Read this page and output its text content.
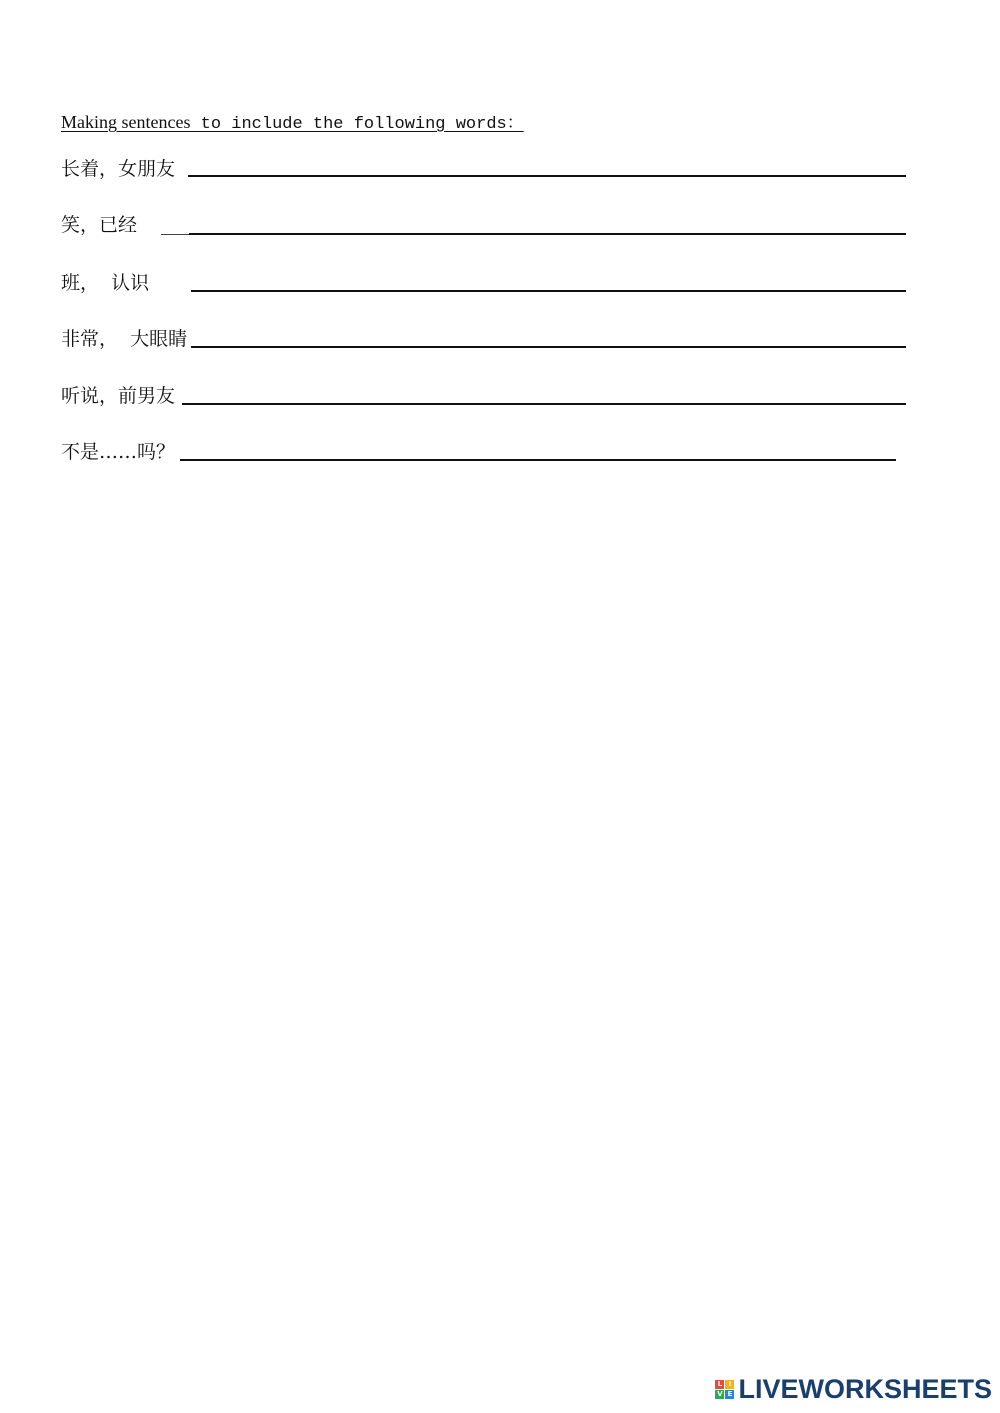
Making sentences to include the following words：
长着，女朋友
笑，已经
班，  认识
非常，  大眼睛
听说，前男友
不是……吗？
L I
V E LIVEWORKSHEETS
